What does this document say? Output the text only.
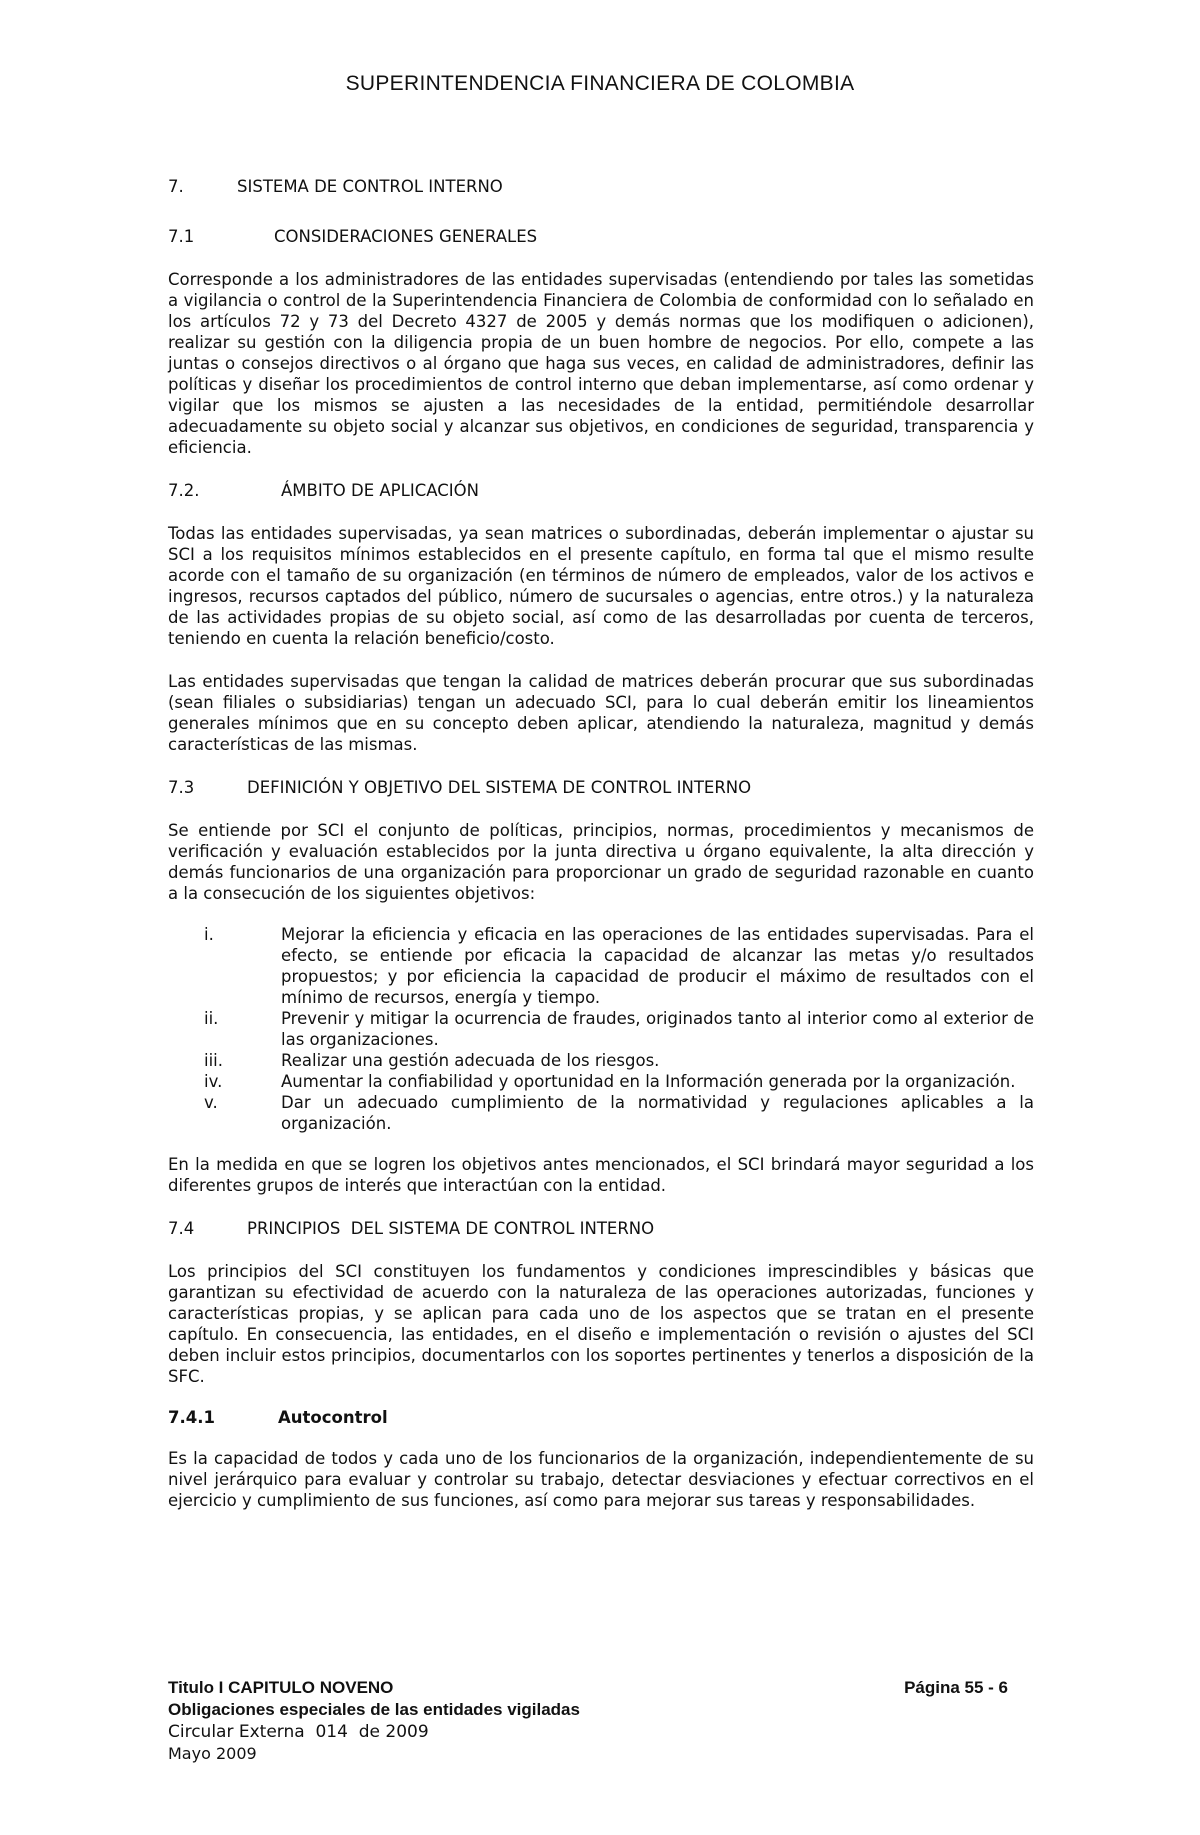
SUPERINTENDENCIA FINANCIERA DE COLOMBIA
7.	SISTEMA DE CONTROL INTERNO
7.1	CONSIDERACIONES GENERALES

Corresponde a los administradores de las entidades supervisadas (entendiendo por tales las sometidas a vigilancia o control de la Superintendencia Financiera de Colombia de conformidad con lo señalado en los artículos 72 y 73 del Decreto 4327 de 2005 y demás normas que los modifiquen o adicionen), realizar su gestión con la diligencia propia de un buen hombre de negocios. Por ello, compete a las juntas o consejos directivos o al órgano que haga sus veces, en calidad de administradores, definir las políticas y diseñar los procedimientos de control interno que deban implementarse, así como ordenar y vigilar que los mismos se ajusten a las necesidades de la entidad, permitiéndole desarrollar adecuadamente su objeto social y alcanzar sus objetivos, en condiciones de seguridad, transparencia y eficiencia.

7.2.	ÁMBITO DE APLICACIÓN

Todas las entidades supervisadas, ya sean matrices o subordinadas, deberán implementar o ajustar su SCI a los requisitos mínimos establecidos en el presente capítulo, en forma tal que el mismo resulte acorde con el tamaño de su organización (en términos de número de empleados, valor de los activos e ingresos, recursos captados del público, número de sucursales o agencias, entre otros.) y la naturaleza de las actividades propias de su objeto social, así como de las desarrolladas por cuenta de terceros, teniendo en cuenta la relación beneficio/costo.

Las entidades supervisadas que tengan la calidad de matrices deberán procurar que sus subordinadas (sean filiales o subsidiarias) tengan un adecuado SCI, para lo cual deberán emitir los lineamientos generales mínimos que en su concepto deben aplicar, atendiendo la naturaleza, magnitud y demás características de las mismas.

7.3	DEFINICIÓN Y OBJETIVO DEL SISTEMA DE CONTROL INTERNO

Se entiende por SCI el conjunto de políticas, principios, normas, procedimientos y mecanismos de verificación y evaluación establecidos por la junta directiva u órgano equivalente, la alta dirección y demás funcionarios de una organización para proporcionar un grado de seguridad razonable en cuanto a la consecución de los siguientes objetivos:

i.	Mejorar la eficiencia y eficacia en las operaciones de las entidades supervisadas. Para el efecto, se entiende por eficacia la capacidad de alcanzar las metas y/o resultados propuestos; y por eficiencia la capacidad de producir el máximo de resultados con el mínimo de recursos, energía y tiempo.
ii.	Prevenir y mitigar la ocurrencia de fraudes, originados tanto al interior como al exterior de las organizaciones.
iii.	Realizar una gestión adecuada de los riesgos.
iv.	Aumentar la confiabilidad y oportunidad en la Información generada por la organización.
v.	Dar un adecuado cumplimiento de la normatividad y regulaciones aplicables a la organización.

En la medida en que se logren los objetivos antes mencionados, el SCI brindará mayor seguridad a los diferentes grupos de interés que interactúan con la entidad.

7.4	PRINCIPIOS  DEL SISTEMA DE CONTROL INTERNO

Los principios del SCI constituyen los fundamentos y condiciones imprescindibles y básicas que garantizan su efectividad de acuerdo con la naturaleza de las operaciones autorizadas, funciones y características propias, y se aplican para cada uno de los aspectos que se tratan en el presente capítulo. En consecuencia, las entidades, en el diseño e implementación o revisión o ajustes del SCI deben incluir estos principios, documentarlos con los soportes pertinentes y tenerlos a disposición de la SFC.

7.4.1	Autocontrol

Es la capacidad de todos y cada uno de los funcionarios de la organización, independientemente de su nivel jerárquico para evaluar y controlar su trabajo, detectar desviaciones y efectuar correctivos en el ejercicio y cumplimiento de sus funciones, así como para mejorar sus tareas y responsabilidades.

Titulo I CAPITULO NOVENO	Página 55 - 6
Obligaciones especiales de las entidades vigiladas
Circular Externa  014  de 2009
Mayo 2009
